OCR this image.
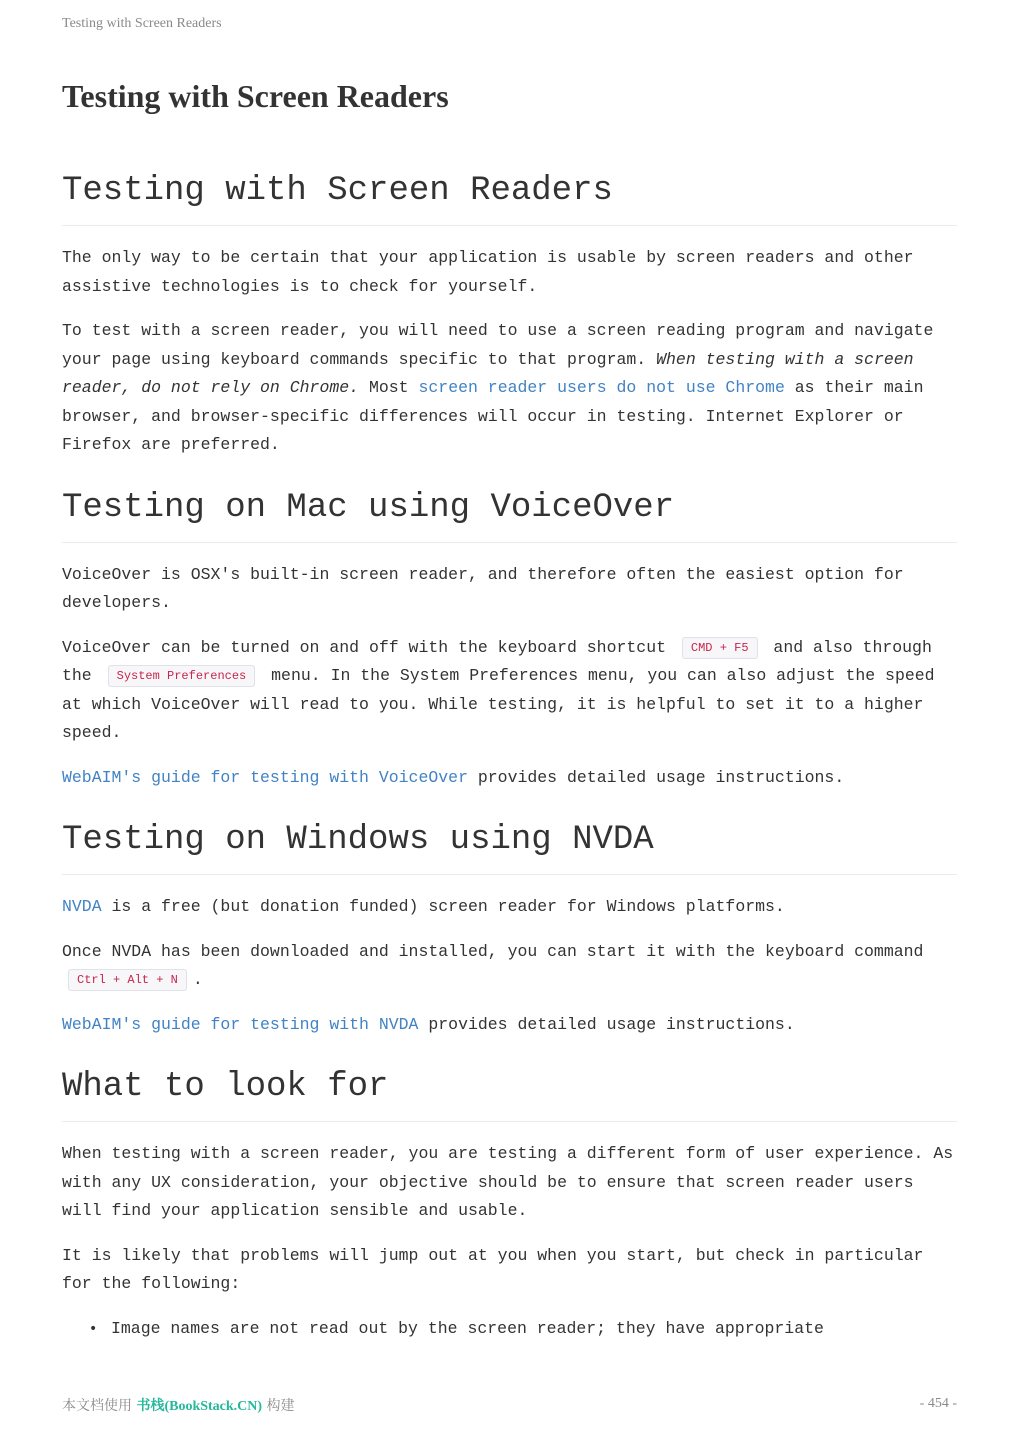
Testing with Screen Readers
Testing with Screen Readers
Testing with Screen Readers

The only way to be certain that your application is usable by screen readers and other assistive technologies is to check for yourself.

To test with a screen reader, you will need to use a screen reading program and navigate your page using keyboard commands specific to that program. When testing with a screen reader, do not rely on Chrome. Most screen reader users do not use Chrome as their main browser, and browser-specific differences will occur in testing. Internet Explorer or Firefox are preferred.

Testing on Mac using VoiceOver

VoiceOver is OSX's built-in screen reader, and therefore often the easiest option for developers.

VoiceOver can be turned on and off with the keyboard shortcut CMD + F5 and also through the System Preferences menu. In the System Preferences menu, you can also adjust the speed at which VoiceOver will read to you. While testing, it is helpful to set it to a higher speed.

WebAIM's guide for testing with VoiceOver provides detailed usage instructions.

Testing on Windows using NVDA

NVDA is a free (but donation funded) screen reader for Windows platforms.

Once NVDA has been downloaded and installed, you can start it with the keyboard command Ctrl + Alt + N .

WebAIM's guide for testing with NVDA provides detailed usage instructions.

What to look for

When testing with a screen reader, you are testing a different form of user experience. As with any UX consideration, your objective should be to ensure that screen reader users will find your application sensible and usable.

It is likely that problems will jump out at you when you start, but check in particular for the following:

• Image names are not read out by the screen reader; they have appropriate
本文档使用 书栈(BookStack.CN) 构建	- 454 -
